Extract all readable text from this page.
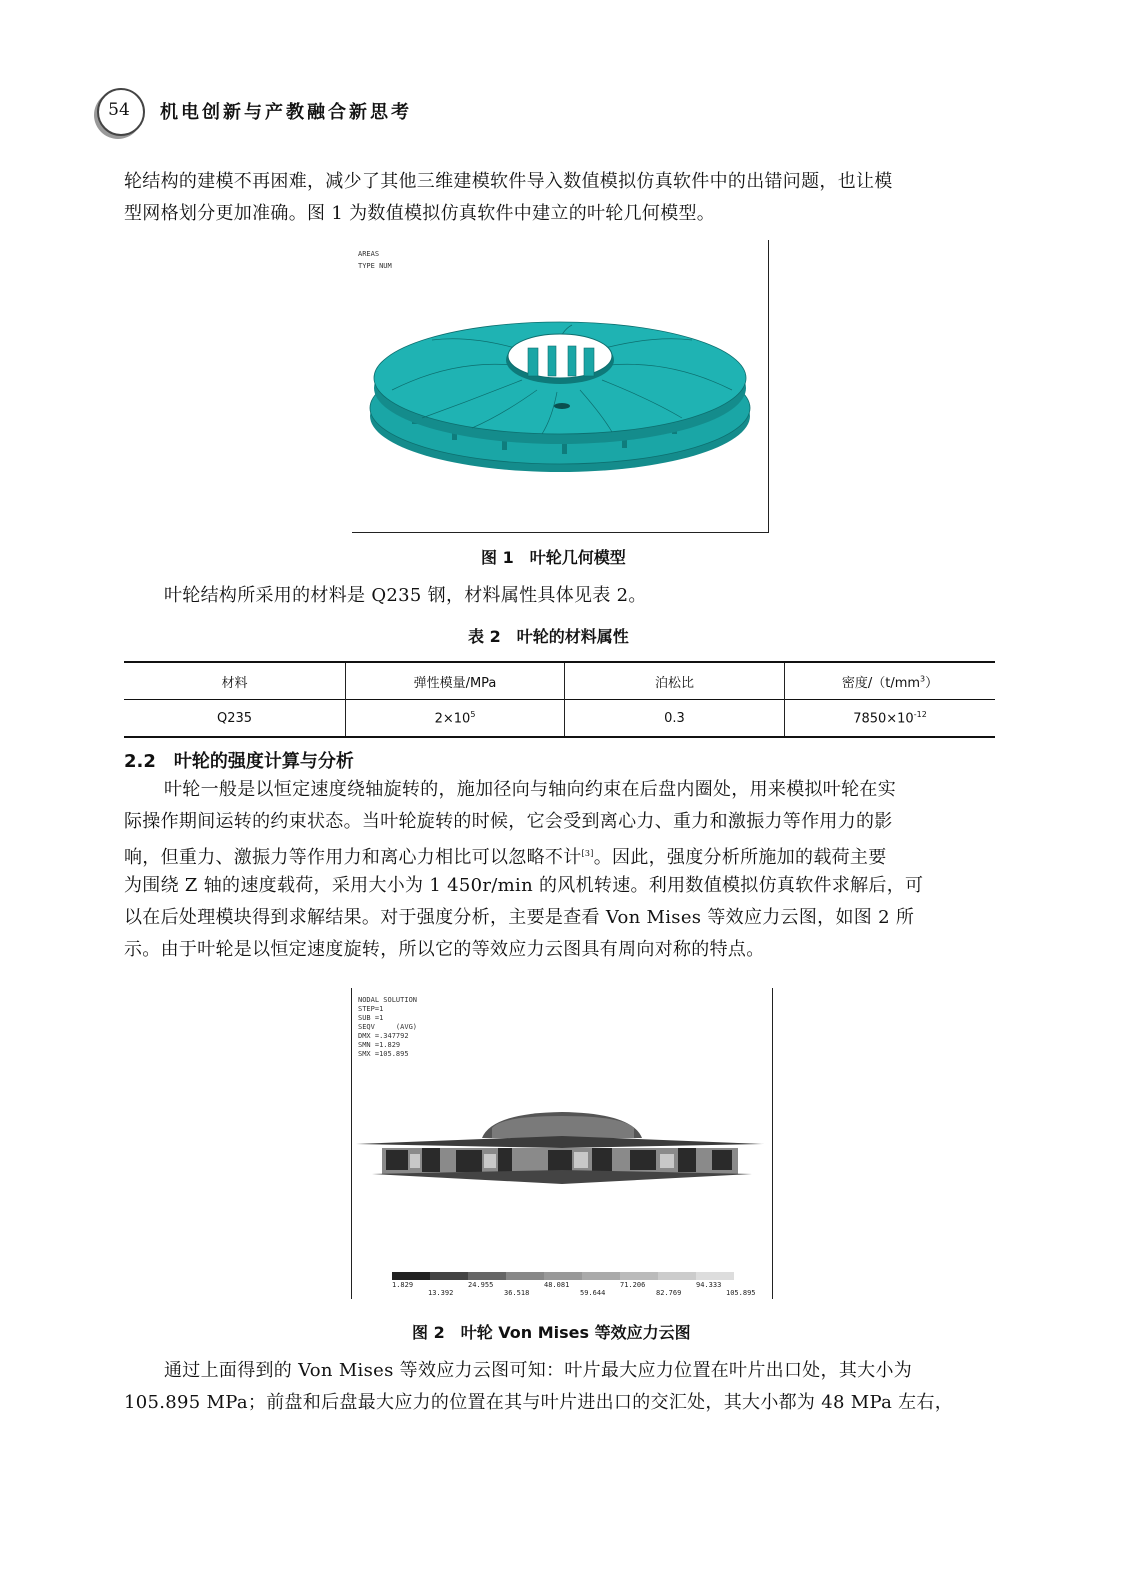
54	机电创新与产教融合新思考
轮结构的建模不再困难，减少了其他三维建模软件导入数值模拟仿真软件中的出错问题，也让模
型网格划分更加准确。图 1 为数值模拟仿真软件中建立的叶轮几何模型。
AREAS
TYPE NUM
图 1　叶轮几何模型
叶轮结构所采用的材料是 Q235 钢，材料属性具体见表 2。
表 2　叶轮的材料属性
材料	弹性模量/MPa	泊松比	密度$/(t/mm^3)$
Q235	$2\times 10^5$	0.3	$7850\times 10^{-12}$
2.2　叶轮的强度计算与分析
叶轮一般是以恒定速度绕轴旋转的，施加径向与轴向约束在后盘内圈处，用来模拟叶轮在实
际操作期间运转的约束状态。当叶轮旋转的时候，它会受到离心力、重力和激振力等作用力的影
响，但重力、激振力等作用力和离心力相比可以忽略不计[3]。因此，强度分析所施加的载荷主要
为围绕 Z 轴的速度载荷，采用大小为 1 450r/min 的风机转速。利用数值模拟仿真软件求解后，可
以在后处理模块得到求解结果。对于强度分析，主要是查看 Von Mises 等效应力云图，如图 2 所
示。由于叶轮是以恒定速度旋转，所以它的等效应力云图具有周向对称的特点。
NODAL SOLUTION
STEP=1
SUB =1
SEQV     (AVG)
DMX =.347792
SMN =1.829
SMX =105.895
1.829	24.955	48.081	71.206	94.333
13.392	36.518	59.644	82.769	105.895
图 2　叶轮 Von Mises 等效应力云图
通过上面得到的 Von Mises 等效应力云图可知：叶片最大应力位置在叶片出口处，其大小为
105.895 MPa；前盘和后盘最大应力的位置在其与叶片进出口的交汇处，其大小都为 48 MPa 左右，
